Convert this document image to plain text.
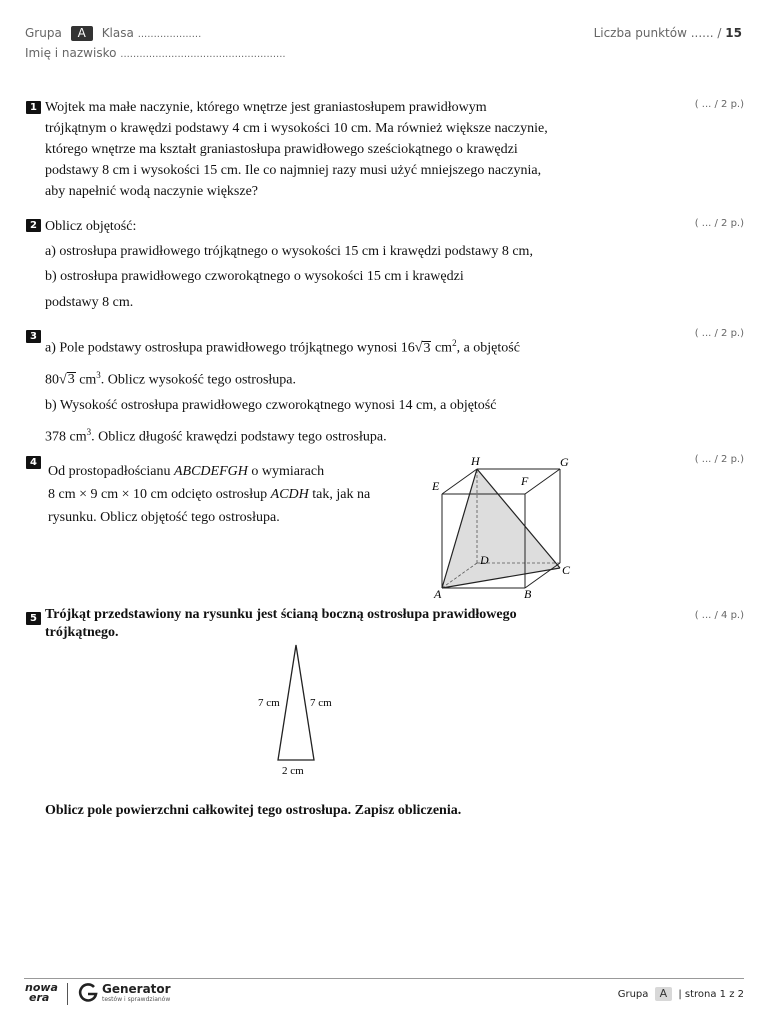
Grupa A Klasa ....................
Imię i nazwisko ....................................................
Liczba punktów ...... / 15
1	( ... / 2 p.)
Wojtek ma małe naczynie, którego wnętrze jest graniastosłupem prawidłowym
trójkątnym o krawędzi podstawy 4 cm i wysokości 10 cm. Ma również większe naczynie,
którego wnętrze ma kształt graniastosłupa prawidłowego sześciokątnego o krawędzi
podstawy 8 cm i wysokości 15 cm. Ile co najmniej razy musi użyć mniejszego naczynia,
aby napełnić wodą naczynie większe?
2	( ... / 2 p.)
Oblicz objętość:
a) ostrosłupa prawidłowego trójkątnego o wysokości 15 cm i krawędzi podstawy 8 cm,
b) ostrosłupa prawidłowego czworokątnego o wysokości 15 cm i krawędzi
podstawy 8 cm.
3	( ... / 2 p.)
a) Pole podstawy ostrosłupa prawidłowego trójkątnego wynosi 16√3 $cm^2$, a objętość
80√3 $cm^3$. Oblicz wysokość tego ostrosłupa.
b) Wysokość ostrosłupa prawidłowego czworokątnego wynosi 14 cm, a objętość
378 $cm^3$. Oblicz długość krawędzi podstawy tego ostrosłupa.
4	( ... / 2 p.)
Od prostopadłościanu ABCDEFGH o wymiarach
8 cm × 9 cm × 10 cm odcięto ostrosłup ACDH tak, jak na
rysunku. Oblicz objętość tego ostrosłupa.
H	G
E	F
D
C
A	B
5	( ... / 4 p.)
Trójkąt przedstawiony na rysunku jest ścianą boczną ostrosłupa prawidłowego
trójkątnego.
7 cm	7 cm
2 cm
Oblicz pole powierzchni całkowitej tego ostrosłupa. Zapisz obliczenia.
nowa
era
Generator
testów i sprawdzianów	Grupa A | strona 1 z 2
